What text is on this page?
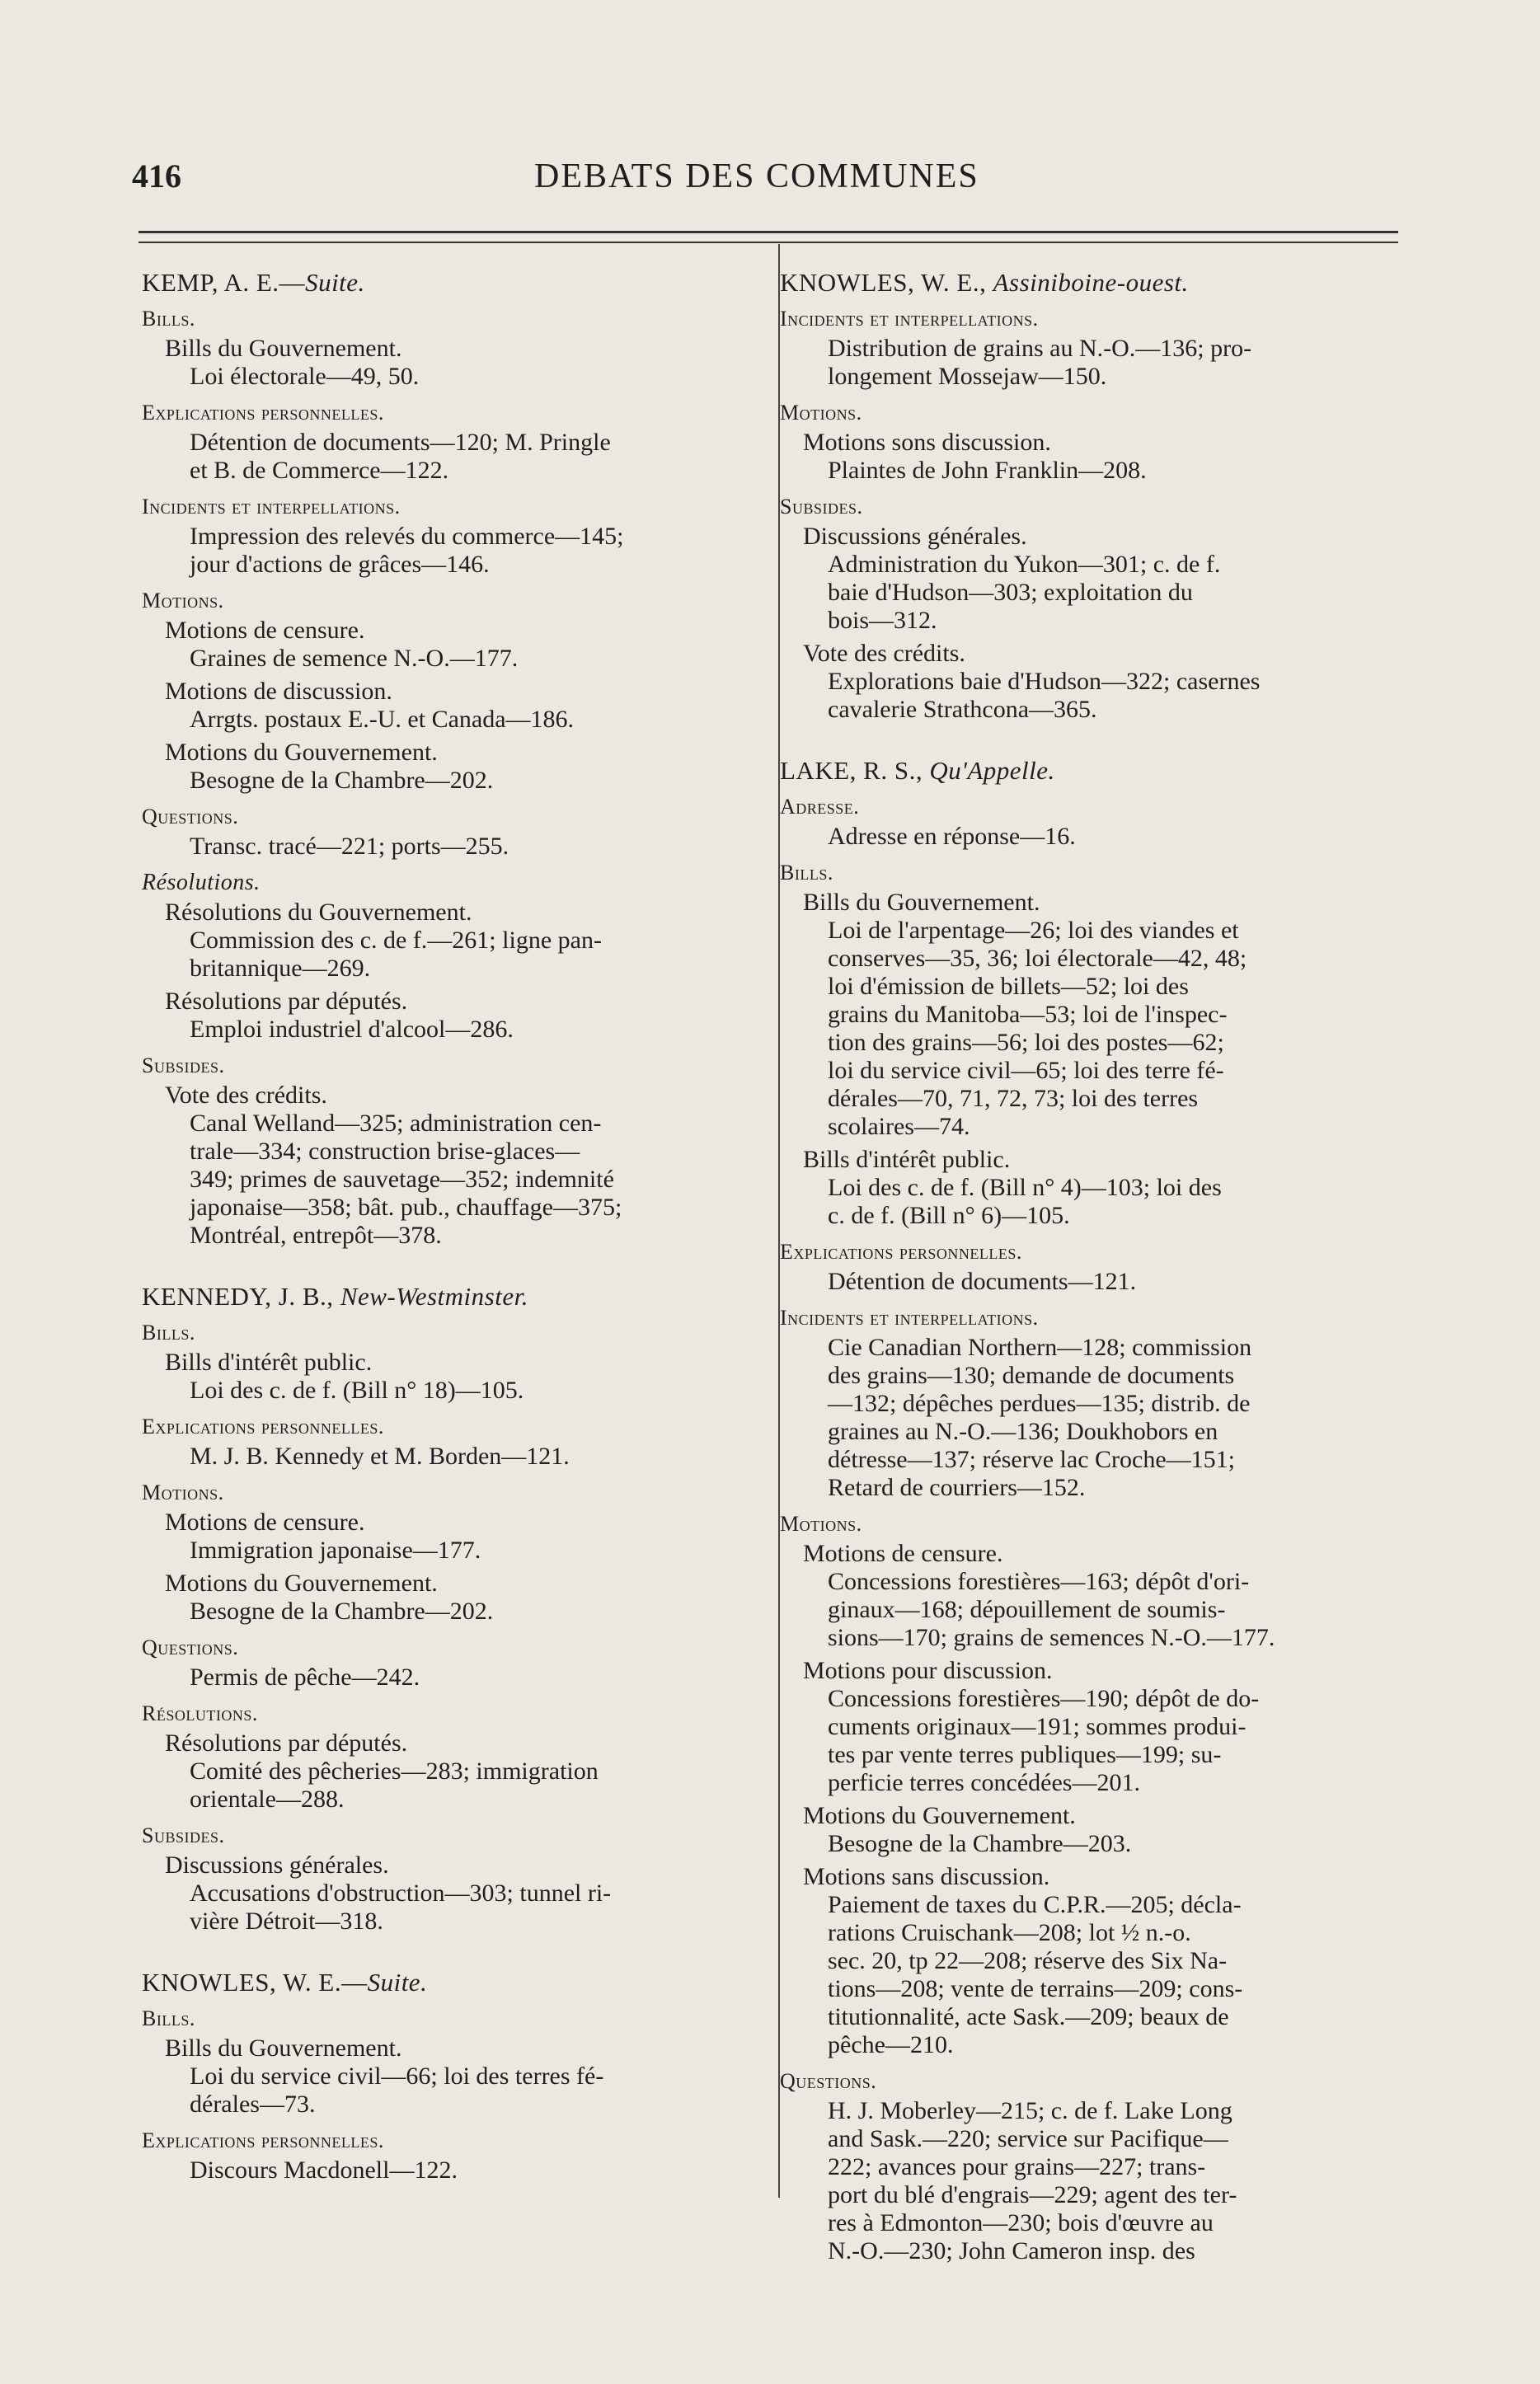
416	DEBATS DES COMMUNES
KEMP, A. E.—Suite.
Bills.
Bills du Gouvernement.
Loi électorale—49, 50.
Explications personnelles.
Détention de documents—120; M. Pringle
et B. de Commerce—122.
Incidents et interpellations.
Impression des relevés du commerce—145;
jour d'actions de grâces—146.
Motions.
Motions de censure.
Graines de semence N.-O.—177.
Motions de discussion.
Arrgts. postaux E.-U. et Canada—186.
Motions du Gouvernement.
Besogne de la Chambre—202.
Questions.
Transc. tracé—221; ports—255.
Résolutions.
Résolutions du Gouvernement.
Commission des c. de f.—261; ligne pan-
britannique—269.
Résolutions par députés.
Emploi industriel d'alcool—286.
Subsides.
Vote des crédits.
Canal Welland—325; administration cen-
trale—334; construction brise-glaces—
349; primes de sauvetage—352; indemnité
japonaise—358; bât. pub., chauffage—375;
Montréal, entrepôt—378.
KENNEDY, J. B., New-Westminster.
Bills.
Bills d'intérêt public.
Loi des c. de f. (Bill n° 18)—105.
Explications personnelles.
M. J. B. Kennedy et M. Borden—121.
Motions.
Motions de censure.
Immigration japonaise—177.
Motions du Gouvernement.
Besogne de la Chambre—202.
Questions.
Permis de pêche—242.
Résolutions.
Résolutions par députés.
Comité des pêcheries—283; immigration
orientale—288.
Subsides.
Discussions générales.
Accusations d'obstruction—303; tunnel ri-
vière Détroit—318.
KNOWLES, W. E.—Suite.
Bills.
Bills du Gouvernement.
Loi du service civil—66; loi des terres fé-
dérales—73.
Explications personnelles.
Discours Macdonell—122.
KNOWLES, W. E., Assiniboine-ouest.
Incidents et interpellations.
Distribution de grains au N.-O.—136; pro-
longement Mossejaw—150.
Motions.
Motions sons discussion.
Plaintes de John Franklin—208.
Subsides.
Discussions générales.
Administration du Yukon—301; c. de f.
baie d'Hudson—303; exploitation du
bois—312.
Vote des crédits.
Explorations baie d'Hudson—322; casernes
cavalerie Strathcona—365.
LAKE, R. S., Qu'Appelle.
Adresse.
Adresse en réponse—16.
Bills.
Bills du Gouvernement.
Loi de l'arpentage—26; loi des viandes et
conserves—35, 36; loi électorale—42, 48;
loi d'émission de billets—52; loi des
grains du Manitoba—53; loi de l'inspec-
tion des grains—56; loi des postes—62;
loi du service civil—65; loi des terre fé-
dérales—70, 71, 72, 73; loi des terres
scolaires—74.
Bills d'intérêt public.
Loi des c. de f. (Bill n° 4)—103; loi des
c. de f. (Bill n° 6)—105.
Explications personnelles.
Détention de documents—121.
Incidents et interpellations.
Cie Canadian Northern—128; commission
des grains—130; demande de documents
—132; dépêches perdues—135; distrib. de
graines au N.-O.—136; Doukhobors en
détresse—137; réserve lac Croche—151;
Retard de courriers—152.
Motions.
Motions de censure.
Concessions forestières—163; dépôt d'ori-
ginaux—168; dépouillement de soumis-
sions—170; grains de semences N.-O.—177.
Motions pour discussion.
Concessions forestières—190; dépôt de do-
cuments originaux—191; sommes produi-
tes par vente terres publiques—199; su-
perficie terres concédées—201.
Motions du Gouvernement.
Besogne de la Chambre—203.
Motions sans discussion.
Paiement de taxes du C.P.R.—205; décla-
rations Cruischank—208; lot ½ n.-o.
sec. 20, tp 22—208; réserve des Six Na-
tions—208; vente de terrains—209; cons-
titutionnalité, acte Sask.—209; beaux de
pêche—210.
Questions.
H. J. Moberley—215; c. de f. Lake Long
and Sask.—220; service sur Pacifique—
222; avances pour grains—227; trans-
port du blé d'engrais—229; agent des ter-
res à Edmonton—230; bois d'œuvre au
N.-O.—230; John Cameron insp. des
